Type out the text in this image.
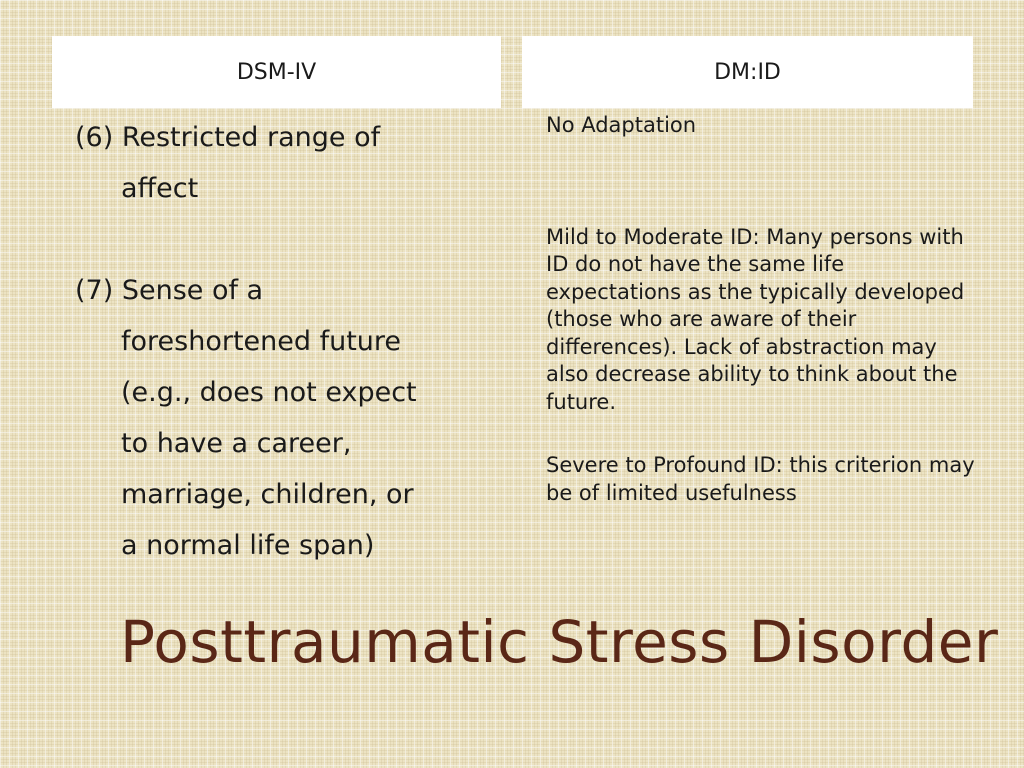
DSM-IV	DM:ID
(6) Restricted range of
affect
(7) Sense of a
foreshortened future
(e.g., does not expect
to have a career,
marriage, children, or
a normal life span)

No Adaptation

Mild to Moderate ID: Many persons with ID do not have the same life expectations as the typically developed (those who are aware of their differences). Lack of abstraction may also decrease ability to think about the future.

Severe to Profound ID: this criterion may be of limited usefulness

Posttraumatic Stress Disorder
